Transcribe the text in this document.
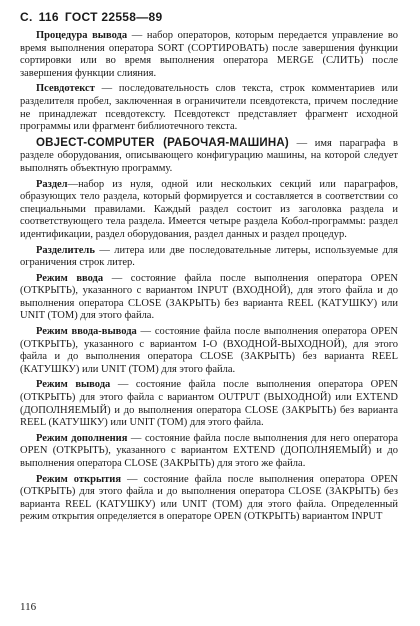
С. 116 ГОСТ 22558—89

Процедура вывода — набор операторов, которым передается управление во время выполнения оператора SORT (СОРТИРОВАТЬ) после завершения функции сортировки или во время выполнения оператора MERGE (СЛИТЬ) после завершения функции слияния.

Псевдотекст — последовательность слов текста, строк комментариев или разделителя пробел, заключенная в ограничители псевдотекста, причем последние не принадлежат псевдотексту. Псевдотекст представляет фрагмент исходной программы или фрагмент библиотечного текста.

OBJECT-COMPUTER (РАБОЧАЯ-МАШИНА) — имя параграфа в разделе оборудования, описывающего конфигурацию машины, на которой следует выполнять объектную программу.

Раздел—набор из нуля, одной или нескольких секций или параграфов, образующих тело раздела, который формируется и составляется в соответствии со специальными правилами. Каждый раздел состоит из заголовка раздела и соответствующего тела раздела. Имеется четыре раздела Кобол-программы: раздел идентификации, раздел оборудования, раздел данных и раздел процедур.

Разделитель — литера или две последовательные литеры, используемые для ограничения строк литер.

Режим ввода — состояние файла после выполнения оператора OPEN (ОТКРЫТЬ), указанного с вариантом INPUT (ВХОДНОЙ), для этого файла и до выполнения оператора CLOSE (ЗАКРЫТЬ) без варианта REEL (КАТУШКУ) или UNIT (ТОМ) для этого файла.

Режим ввода-вывода — состояние файла после выполнения оператора OPEN (ОТКРЫТЬ), указанного с вариантом I-O (ВХОДНОЙ-ВЫХОДНОЙ), для этого файла и до выполнения оператора CLOSE (ЗАКРЫТЬ) без варианта REEL (КАТУШКУ) или UNIT (ТОМ) для этого файла.

Режим вывода — состояние файла после выполнения оператора OPEN (ОТКРЫТЬ) для этого файла с вариантом OUTPUT (ВЫХОДНОЙ) или EXTEND (ДОПОЛНЯЕМЫЙ) и до выполнения оператора CLOSE (ЗАКРЫТЬ) без варианта REEL (КАТУШКУ) или UNIT (ТОМ) для этого файла.

Режим дополнения — состояние файла после выполнения для него оператора OPEN (ОТКРЫТЬ), указанного с вариантом EXTEND (ДОПОЛНЯЕМЫЙ) и до выполнения оператора CLOSE (ЗАКРЫТЬ) для этого же файла.

Режим открытия — состояние файла после выполнения оператора OPEN (ОТКРЫТЬ) для этого файла и до выполнения оператора CLOSE (ЗАКРЫТЬ) без варианта REEL (КАТУШКУ) или UNIT (ТОМ) для этого файла. Определенный режим открытия определяется в операторе OPEN (ОТКРЫТЬ) вариантом INPUT

116
